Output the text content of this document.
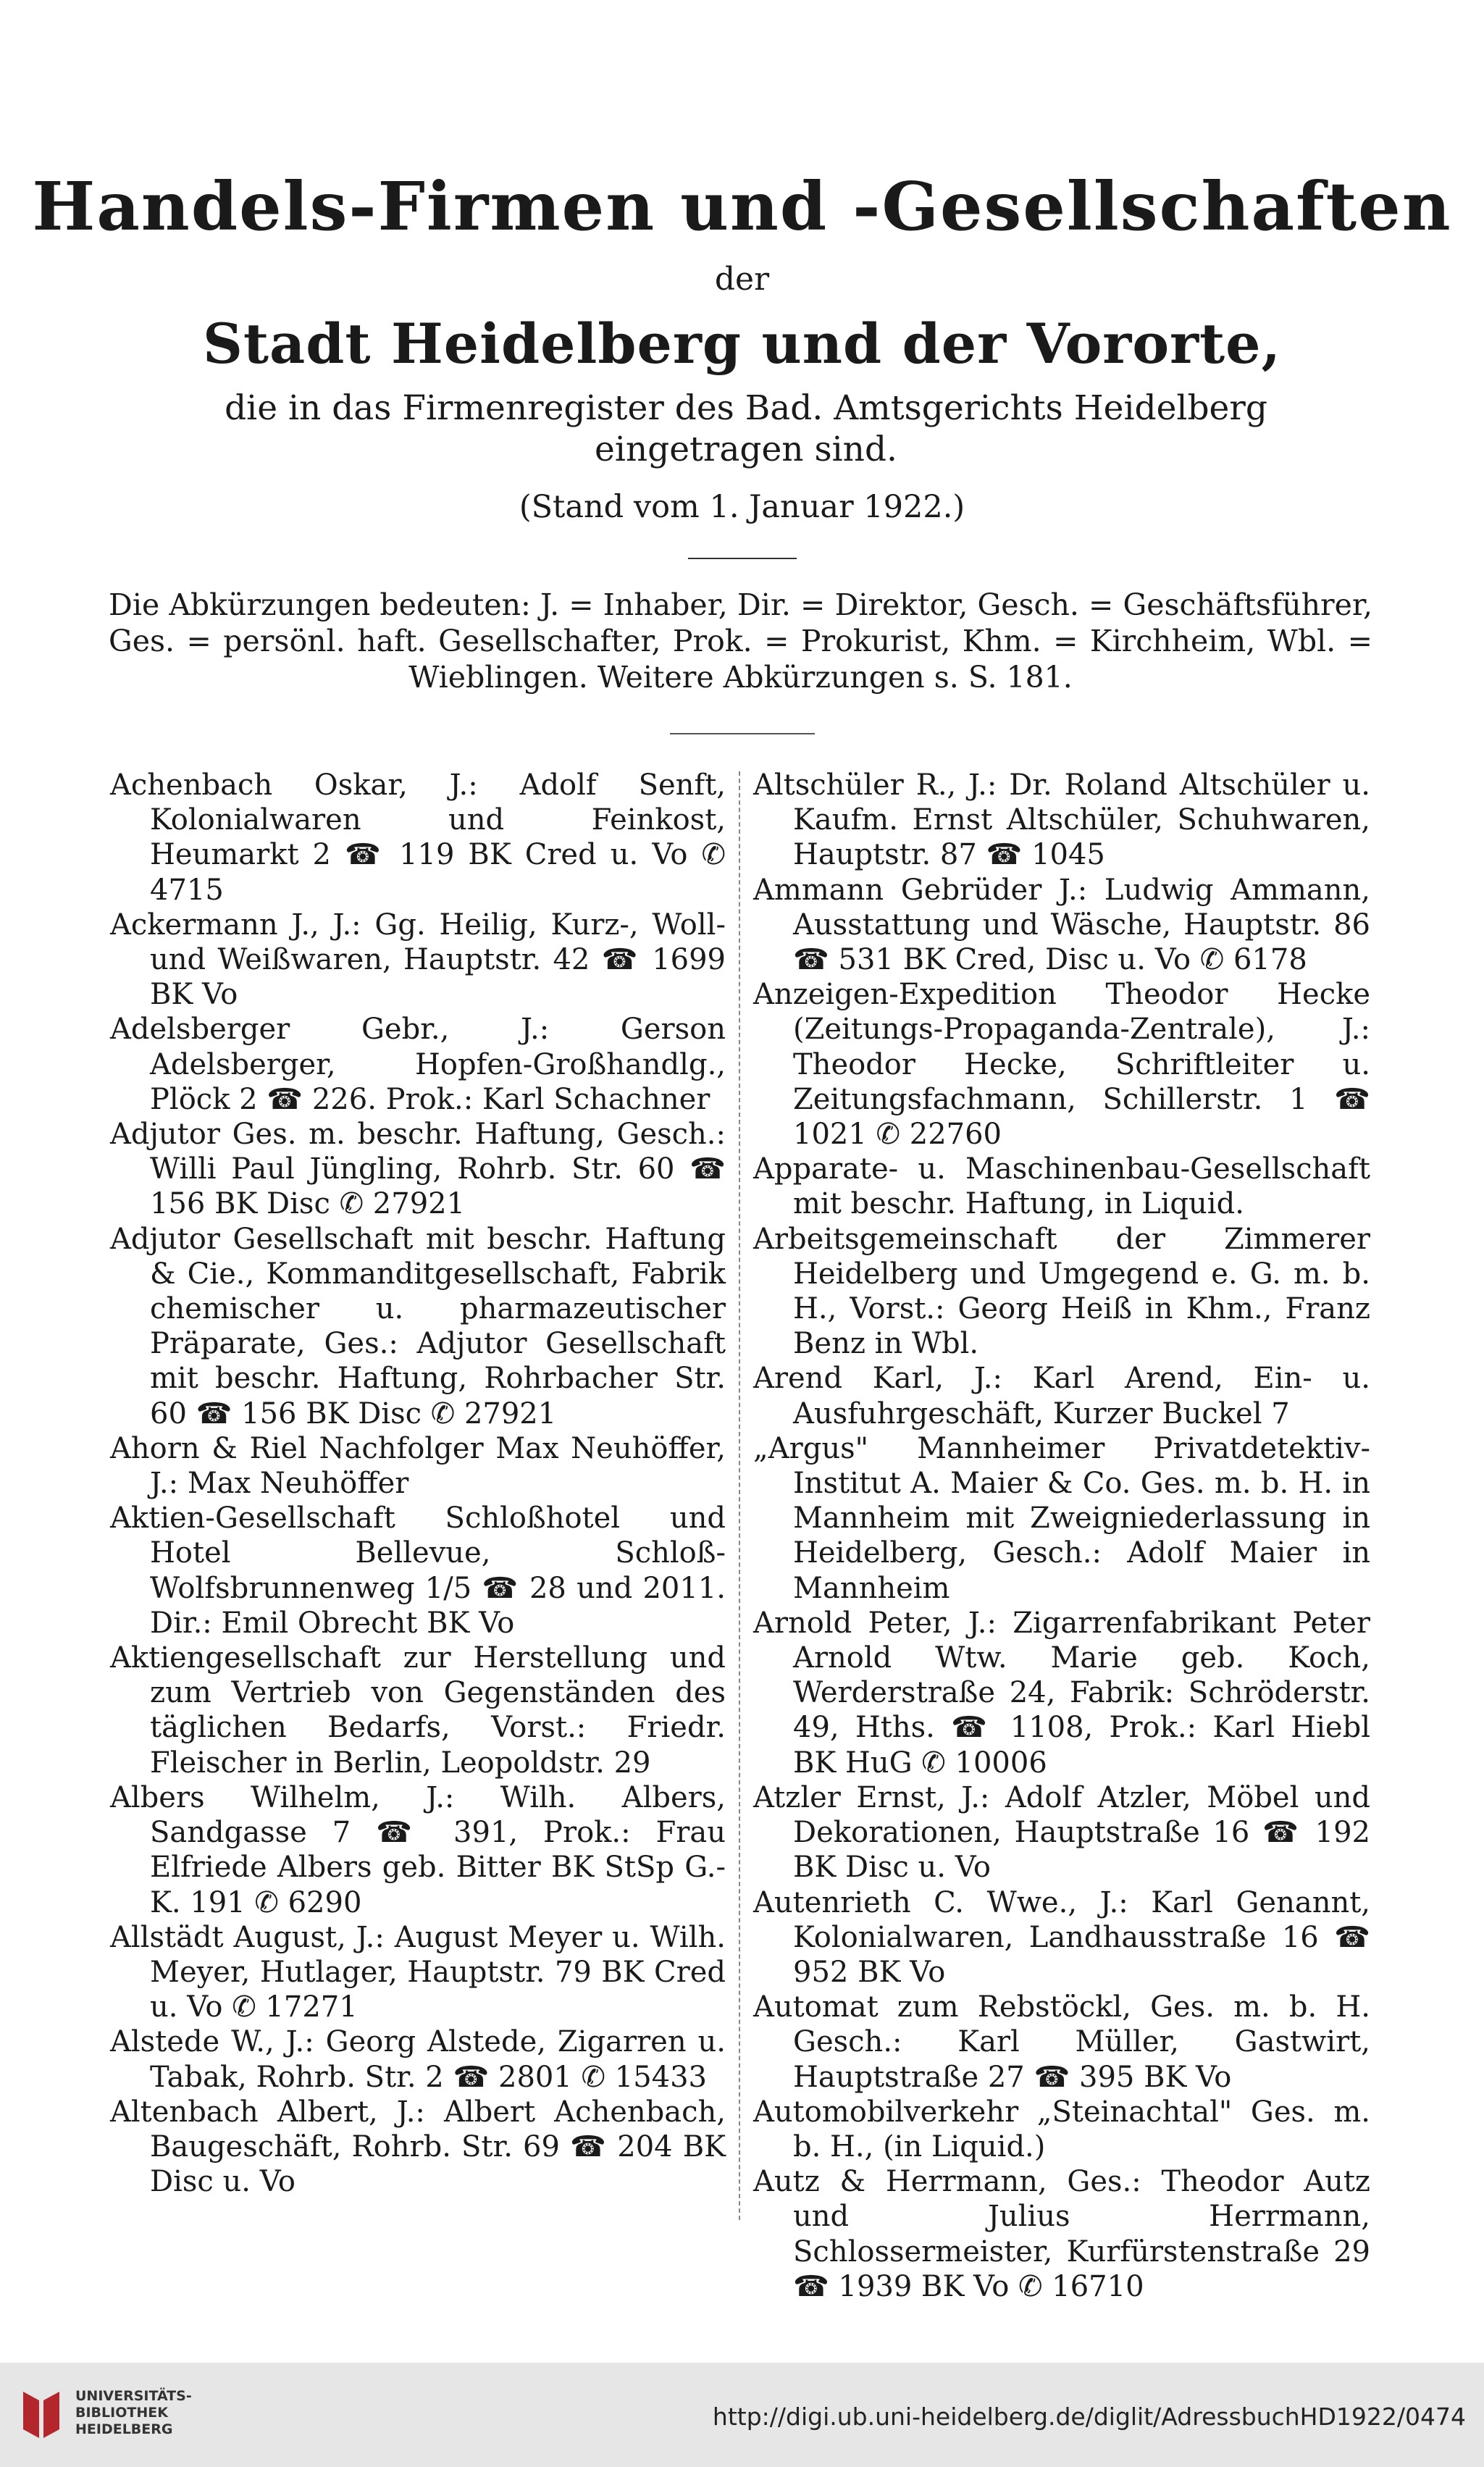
Handels-Firmen und -Gesellschaften
der
Stadt Heidelberg und der Vororte,
die in das Firmenregister des Bad. Amtsgerichts Heidelberg eingetragen sind.
(Stand vom 1. Januar 1922.)
Die Abkürzungen bedeuten: J. = Inhaber, Dir. = Direktor, Gesch. = Geschäftsführer, Ges. = persönl. haft. Gesellschafter, Prok. = Prokurist, Khm. = Kirchheim, Wbl. = Wieblingen. Weitere Abkürzungen s. S. 181.

Achenbach Oskar, J.: Adolf Senft, Kolonialwaren und Feinkost, Heumarkt 2 ☎ 119 BK Cred u. Vo ✆ 4715

Ackermann J., J.: Gg. Heilig, Kurz-, Woll- und Weißwaren, Hauptstr. 42 ☎ 1699 BK Vo

Adelsberger Gebr., J.: Gerson Adelsberger, Hopfen-Großhandlg., Plöck 2 ☎ 226. Prok.: Karl Schachner

Adjutor Ges. m. beschr. Haftung, Gesch.: Willi Paul Jüngling, Rohrb. Str. 60 ☎ 156 BK Disc ✆ 27921

Adjutor Gesellschaft mit beschr. Haftung & Cie., Kommanditgesellschaft, Fabrik chemischer u. pharmazeutischer Präparate, Ges.: Adjutor Gesellschaft mit beschr. Haftung, Rohrbacher Str. 60 ☎ 156 BK Disc ✆ 27921

Ahorn & Riel Nachfolger Max Neuhöffer, J.: Max Neuhöffer

Aktien-Gesellschaft Schloßhotel und Hotel Bellevue, Schloß-Wolfsbrunnenweg 1/5 ☎ 28 und 2011. Dir.: Emil Obrecht BK Vo

Aktiengesellschaft zur Herstellung und zum Vertrieb von Gegenständen des täglichen Bedarfs, Vorst.: Friedr. Fleischer in Berlin, Leopoldstr. 29

Albers Wilhelm, J.: Wilh. Albers, Sandgasse 7 ☎ 391, Prok.: Frau Elfriede Albers geb. Bitter BK StSp G.-K. 191 ✆ 6290

Allstädt August, J.: August Meyer u. Wilh. Meyer, Hutlager, Hauptstr. 79 BK Cred u. Vo ✆ 17271

Alstede W., J.: Georg Alstede, Zigarren u. Tabak, Rohrb. Str. 2 ☎ 2801 ✆ 15433

Altenbach Albert, J.: Albert Achenbach, Baugeschäft, Rohrb. Str. 69 ☎ 204 BK Disc u. Vo

Altschüler R., J.: Dr. Roland Altschüler u. Kaufm. Ernst Altschüler, Schuhwaren, Hauptstr. 87 ☎ 1045

Ammann Gebrüder J.: Ludwig Ammann, Ausstattung und Wäsche, Hauptstr. 86 ☎ 531 BK Cred, Disc u. Vo ✆ 6178

Anzeigen-Expedition Theodor Hecke (Zeitungs-Propaganda-Zentrale), J.: Theodor Hecke, Schriftleiter u. Zeitungsfachmann, Schillerstr. 1 ☎ 1021 ✆ 22760

Apparate- u. Maschinenbau-Gesellschaft mit beschr. Haftung, in Liquid.

Arbeitsgemeinschaft der Zimmerer Heidelberg und Umgegend e. G. m. b. H., Vorst.: Georg Heiß in Khm., Franz Benz in Wbl.

Arend Karl, J.: Karl Arend, Ein- u. Ausfuhrgeschäft, Kurzer Buckel 7

„Argus" Mannheimer Privatdetektiv-Institut A. Maier & Co. Ges. m. b. H. in Mannheim mit Zweigniederlassung in Heidelberg, Gesch.: Adolf Maier in Mannheim

Arnold Peter, J.: Zigarrenfabrikant Peter Arnold Wtw. Marie geb. Koch, Werderstraße 24, Fabrik: Schröderstr. 49, Hths. ☎ 1108, Prok.: Karl Hiebl BK HuG ✆ 10006

Atzler Ernst, J.: Adolf Atzler, Möbel und Dekorationen, Hauptstraße 16 ☎ 192 BK Disc u. Vo

Autenrieth C. Wwe., J.: Karl Genannt, Kolonialwaren, Landhausstraße 16 ☎ 952 BK Vo

Automat zum Rebstöckl, Ges. m. b. H. Gesch.: Karl Müller, Gastwirt, Hauptstraße 27 ☎ 395 BK Vo

Automobilverkehr „Steinachtal" Ges. m. b. H., (in Liquid.)

Autz & Herrmann, Ges.: Theodor Autz und Julius Herrmann, Schlossermeister, Kurfürstenstraße 29 ☎ 1939 BK Vo ✆ 16710

UNIVERSITÄTS-
BIBLIOTHEK
HEIDELBERG	http://digi.ub.uni-heidelberg.de/diglit/AdressbuchHD1922/0474
